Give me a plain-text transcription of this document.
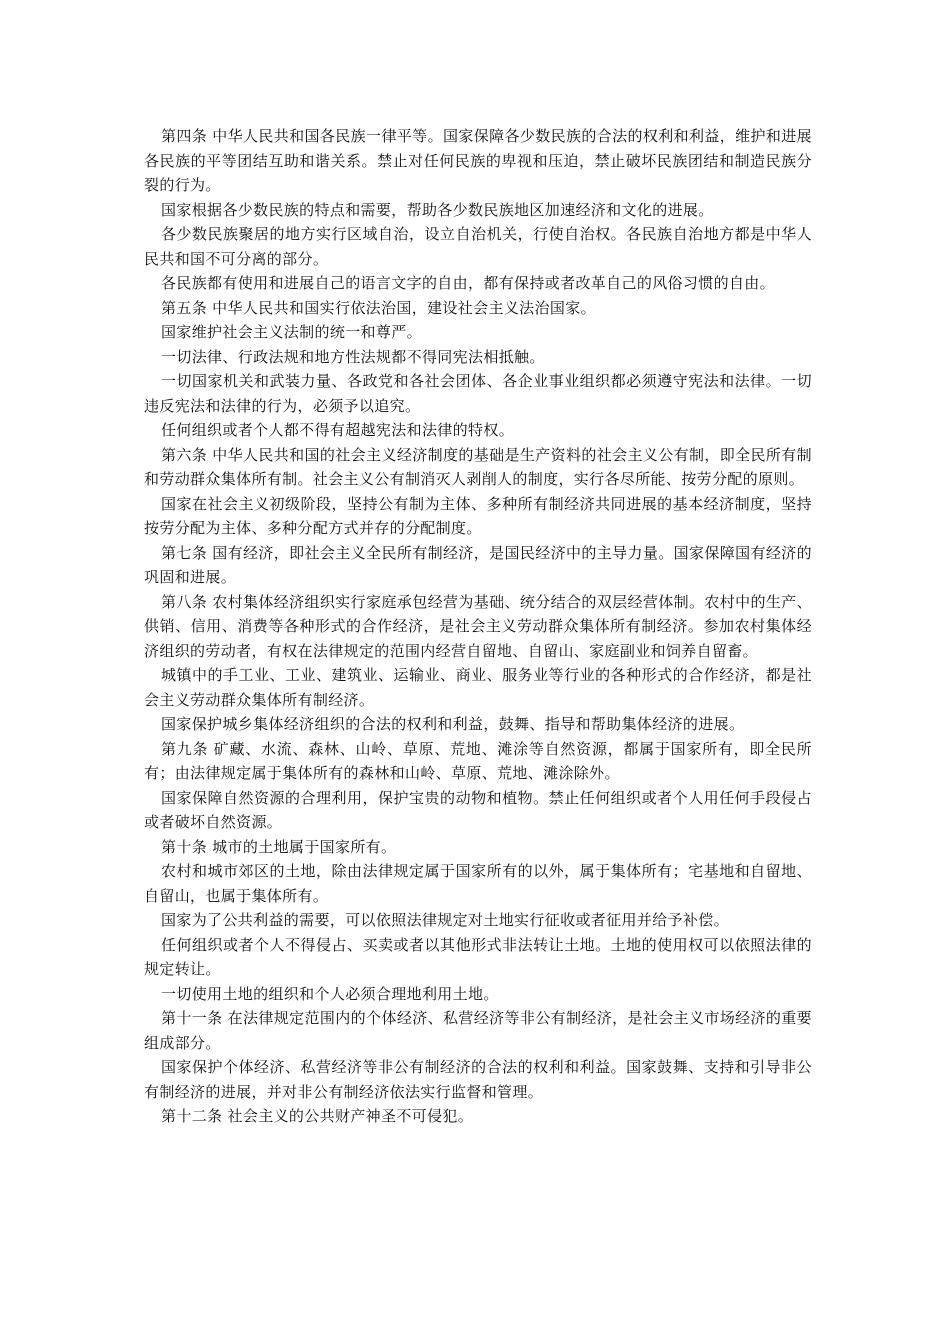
第四条 中华人民共和国各民族一律平等。国家保障各少数民族的合法的权利和利益，维护和进展各民族的平等团结互助和谐关系。禁止对任何民族的卑视和压迫，禁止破坏民族团结和制造民族分裂的行为。

国家根据各少数民族的特点和需要，帮助各少数民族地区加速经济和文化的进展。

各少数民族聚居的地方实行区域自治，设立自治机关，行使自治权。各民族自治地方都是中华人民共和国不可分离的部分。

各民族都有使用和进展自己的语言文字的自由，都有保持或者改革自己的风俗习惯的自由。

第五条 中华人民共和国实行依法治国，建设社会主义法治国家。

国家维护社会主义法制的统一和尊严。

一切法律、行政法规和地方性法规都不得同宪法相抵触。

一切国家机关和武装力量、各政党和各社会团体、各企业事业组织都必须遵守宪法和法律。一切违反宪法和法律的行为，必须予以追究。

任何组织或者个人都不得有超越宪法和法律的特权。

第六条 中华人民共和国的社会主义经济制度的基础是生产资料的社会主义公有制，即全民所有制和劳动群众集体所有制。社会主义公有制消灭人剥削人的制度，实行各尽所能、按劳分配的原则。

国家在社会主义初级阶段，坚持公有制为主体、多种所有制经济共同进展的基本经济制度，坚持按劳分配为主体、多种分配方式并存的分配制度。

第七条 国有经济，即社会主义全民所有制经济，是国民经济中的主导力量。国家保障国有经济的巩固和进展。

第八条 农村集体经济组织实行家庭承包经营为基础、统分结合的双层经营体制。农村中的生产、供销、信用、消费等各种形式的合作经济，是社会主义劳动群众集体所有制经济。参加农村集体经济组织的劳动者，有权在法律规定的范围内经营自留地、自留山、家庭副业和饲养自留畜。

城镇中的手工业、工业、建筑业、运输业、商业、服务业等行业的各种形式的合作经济，都是社会主义劳动群众集体所有制经济。

国家保护城乡集体经济组织的合法的权利和利益，鼓舞、指导和帮助集体经济的进展。

第九条 矿藏、水流、森林、山岭、草原、荒地、滩涂等自然资源，都属于国家所有，即全民所有；由法律规定属于集体所有的森林和山岭、草原、荒地、滩涂除外。

国家保障自然资源的合理利用，保护宝贵的动物和植物。禁止任何组织或者个人用任何手段侵占或者破坏自然资源。

第十条 城市的土地属于国家所有。

农村和城市郊区的土地，除由法律规定属于国家所有的以外，属于集体所有；宅基地和自留地、自留山，也属于集体所有。

国家为了公共利益的需要，可以依照法律规定对土地实行征收或者征用并给予补偿。

任何组织或者个人不得侵占、买卖或者以其他形式非法转让土地。土地的使用权可以依照法律的规定转让。

一切使用土地的组织和个人必须合理地利用土地。

第十一条 在法律规定范围内的个体经济、私营经济等非公有制经济，是社会主义市场经济的重要组成部分。

国家保护个体经济、私营经济等非公有制经济的合法的权利和利益。国家鼓舞、支持和引导非公有制经济的进展，并对非公有制经济依法实行监督和管理。

第十二条 社会主义的公共财产神圣不可侵犯。
